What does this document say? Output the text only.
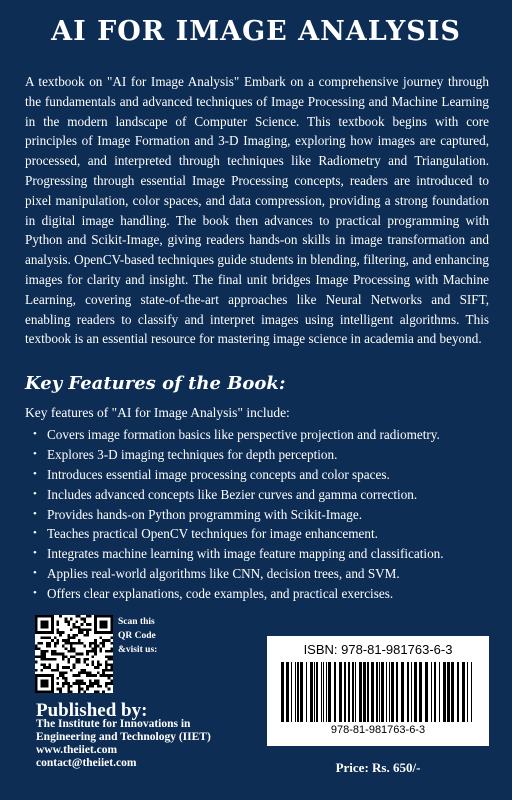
AI FOR IMAGE ANALYSIS
A textbook on "AI for Image Analysis" Embark on a comprehensive journey through the fundamentals and advanced techniques of Image Processing and Machine Learning in the modern landscape of Computer Science. This textbook begins with core principles of Image Formation and 3-D Imaging, exploring how images are captured, processed, and interpreted through techniques like Radiometry and Triangulation. Progressing through essential Image Processing concepts, readers are introduced to pixel manipulation, color spaces, and data compression, providing a strong foundation in digital image handling. The book then advances to practical programming with Python and Scikit-Image, giving readers hands-on skills in image transformation and analysis. OpenCV-based techniques guide students in blending, filtering, and enhancing images for clarity and insight. The final unit bridges Image Processing with Machine Learning, covering state-of-the-art approaches like Neural Networks and SIFT, enabling readers to classify and interpret images using intelligent algorithms. This textbook is an essential resource for mastering image science in academia and beyond.
Key Features of the Book:
Key features of "AI for Image Analysis" include:
• Covers image formation basics like perspective projection and radiometry.
• Explores 3-D imaging techniques for depth perception.
• Introduces essential image processing concepts and color spaces.
• Includes advanced concepts like Bezier curves and gamma correction.
• Provides hands-on Python programming with Scikit-Image.
• Teaches practical OpenCV techniques for image enhancement.
• Integrates machine learning with image feature mapping and classification.
• Applies real-world algorithms like CNN, decision trees, and SVM.
• Offers clear explanations, code examples, and practical exercises.
Scan this
QR Code
&visit us:
Published by:
The Institute for Innovations in
Engineering and Technology (IIET)
www.theiiet.com
contact@theiiet.com
ISBN: 978-81-981763-6-3
978-81-981763-6-3
Price: Rs. 650/-
